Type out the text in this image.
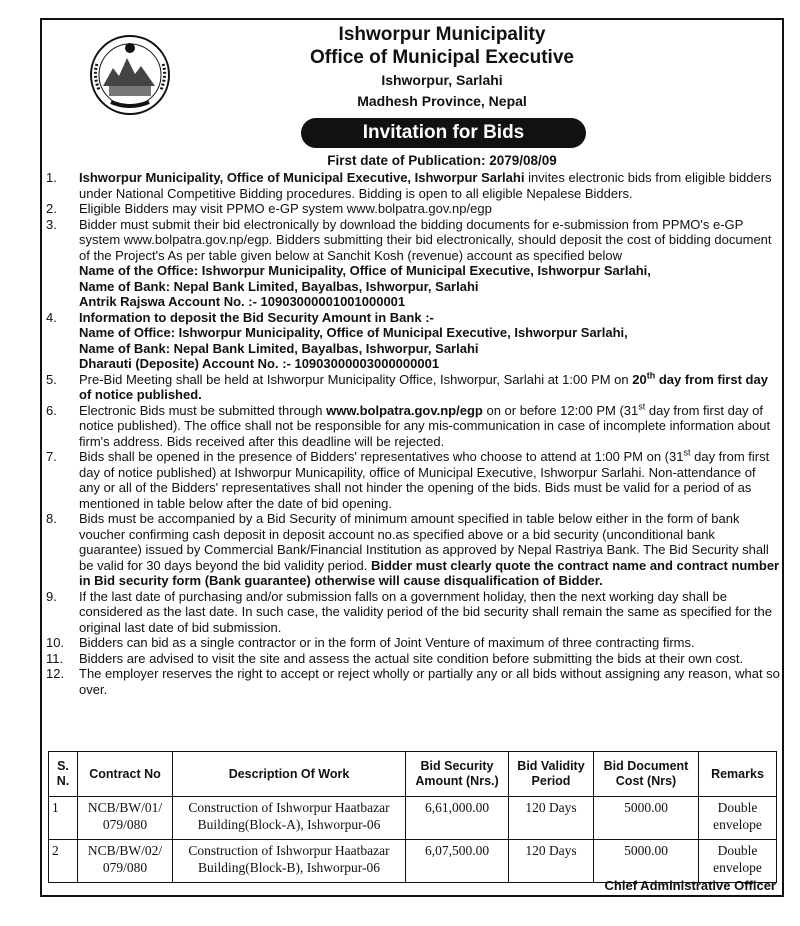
Ishworpur Municipality
Office of Municipal Executive
Ishworpur, Sarlahi
Madhesh Province, Nepal
Invitation for Bids
First date of Publication: 2079/08/09
1. Ishworpur Municipality, Office of Municipal Executive, Ishworpur Sarlahi invites electronic bids from eligible bidders under National Competitive Bidding procedures. Bidding is open to all eligible Nepalese Bidders.
2. Eligible Bidders may visit PPMO e-GP system www.bolpatra.gov.np/egp
3. Bidder must submit their bid electronically by download the bidding documents for e-submission from PPMO's e-GP system www.bolpatra.gov.np/egp. Bidders submitting their bid electronically, should deposit the cost of bidding document of the Project's As per table given below at Sanchit Kosh (revenue) account as specified below
Name of the Office: Ishworpur Municipality, Office of Municipal Executive, Ishworpur Sarlahi,
Name of Bank: Nepal Bank Limited, Bayalbas, Ishworpur, Sarlahi
Antrik Rajswa Account No. :- 10903000001001000001
4. Information to deposit the Bid Security Amount in Bank :-
Name of Office: Ishworpur Municipality, Office of Municipal Executive, Ishworpur Sarlahi,
Name of Bank: Nepal Bank Limited, Bayalbas, Ishworpur, Sarlahi
Dharauti (Deposite) Account No. :- 10903000003000000001
5. Pre-Bid Meeting shall be held at Ishworpur Municipality Office, Ishworpur, Sarlahi at 1:00 PM on 20th day from first day of notice published.
6. Electronic Bids must be submitted through www.bolpatra.gov.np/egp on or before 12:00 PM (31st day from first day of notice published). The office shall not be responsible for any mis-communication in case of incomplete information about firm's address. Bids received after this deadline will be rejected.
7. Bids shall be opened in the presence of Bidders' representatives who choose to attend at 1:00 PM on (31st day from first day of notice published) at Ishworpur Municapility, office of Municipal Executive, Ishworpur Sarlahi. Non-attendance of any or all of the Bidders' representatives shall not hinder the opening of the bids. Bids must be valid for a period of as mentioned in table below after the date of bid opening.
8. Bids must be accompanied by a Bid Security of minimum amount specified in table below either in the form of bank voucher confirming cash deposit in deposit account no.as specified above or a bid security (unconditional bank guarantee) issued by Commercial Bank/Financial Institution as approved by Nepal Rastriya Bank. The Bid Security shall be valid for 30 days beyond the bid validity period. Bidder must clearly quote the contract name and contract number in Bid security form (Bank guarantee) otherwise will cause disqualification of Bidder.
9. If the last date of purchasing and/or submission falls on a government holiday, then the next working day shall be considered as the last date. In such case, the validity period of the bid security shall remain the same as specified for the original last date of bid submission.
10. Bidders can bid as a single contractor or in the form of Joint Venture of maximum of three contracting firms.
11. Bidders are advised to visit the site and assess the actual site condition before submitting the bids at their own cost.
12. The employer reserves the right to accept or reject wholly or partially any or all bids without assigning any reason, what so over.
S. N.	Contract No	Description Of Work	Bid Security Amount (Nrs.)	Bid Validity Period	Bid Document Cost (Nrs)	Remarks
1	NCB/BW/01/ 079/080	Construction of Ishworpur Haatbazar Building(Block-A), Ishworpur-06	6,61,000.00	120 Days	5000.00	Double envelope
2	NCB/BW/02/ 079/080	Construction of Ishworpur Haatbazar Building(Block-B), Ishworpur-06	6,07,500.00	120 Days	5000.00	Double envelope
Chief Administrative Officer
